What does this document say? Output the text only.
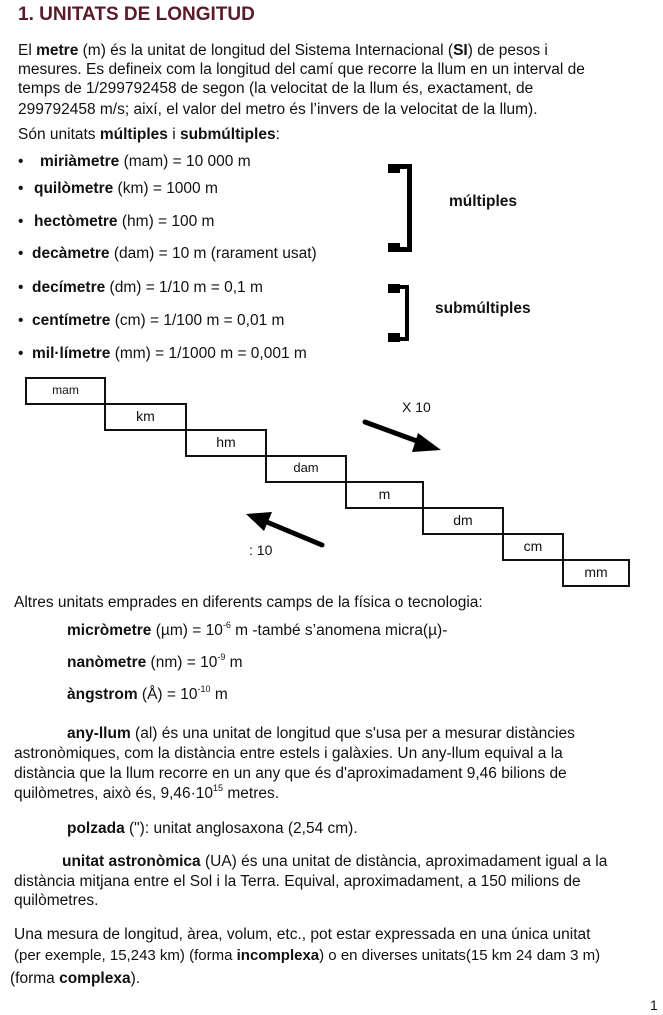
1. UNITATS DE LONGITUD
El metre (m) és la unitat de longitud del Sistema Internacional (SI) de pesos i
mesures. Es defineix com la longitud del camí que recorre la llum en un interval de
temps de 1/299792458 de segon (la velocitat de la llum és, exactament, de
299792458 m/s; així, el valor del metro és l’invers de la velocitat de la llum).
Són unitats múltiples i submúltiples:
• miriàmetre (mam) = 10 000 m
• quilòmetre (km) = 1000 m
• hectòmetre (hm) = 100 m
• decàmetre (dam) = 10 m (rarament usat)
• decímetre (dm) = 1/10 m = 0,1 m
• centímetre (cm) = 1/100 m = 0,01 m
• mil·límetre (mm) = 1/1000 m = 0,001 m
múltiples
submúltiples
mam
km
hm
dam
m
dm
cm
mm
X 10
: 10
Altres unitats emprades en diferents camps de la física o tecnologia:
micròmetre $(\mu m) = 10^{-6}$ m -també s’anomena micra(µ)-
nanòmetre $(nm) = 10^{-9}$ m
àngstrom (Å) = $10^{-10}$ m
any-llum (al) és una unitat de longitud que s'usa per a mesurar distàncies
astronòmiques, com la distància entre estels i galàxies. Un any-llum equival a la
distància que la llum recorre en un any que és d'aproximadament 9,46 bilions de
quilòmetres, això és, $9,46\cdot 10^{15}$ metres.
polzada ("): unitat anglosaxona (2,54 cm).
unitat astronòmica (UA) és una unitat de distància, aproximadament igual a la
distància mitjana entre el Sol i la Terra. Equival, aproximadament, a 150 milions de
quilòmetres.
Una mesura de longitud, àrea, volum, etc., pot estar expressada en una única unitat
(per exemple, 15,243 km) (forma incomplexa) o en diverses unitats(15 km 24 dam 3 m)
(forma complexa).
1
